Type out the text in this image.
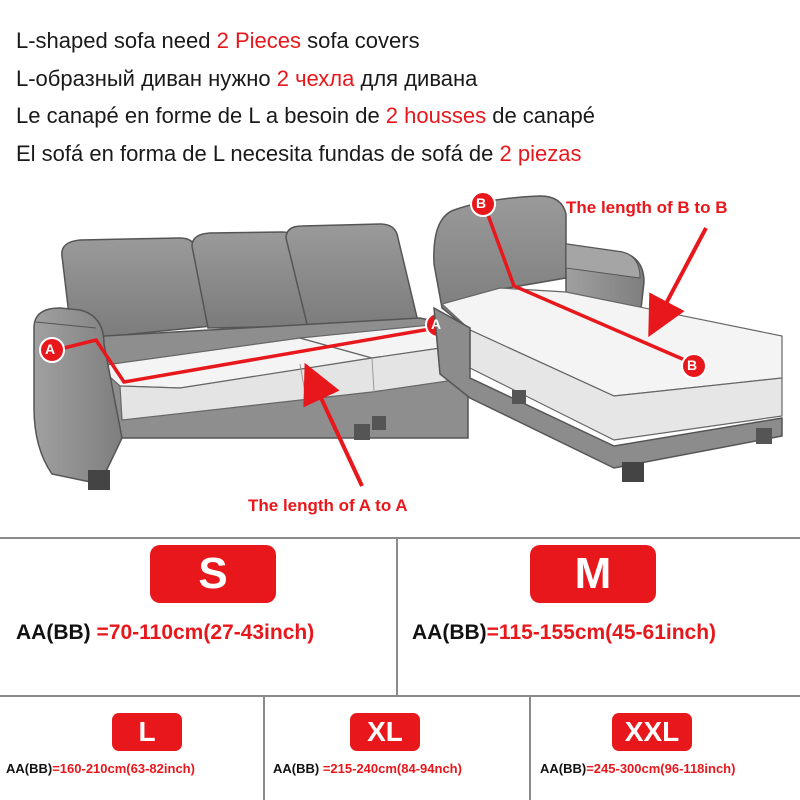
L-shaped sofa need 2 Pieces sofa covers
L-образный диван нужно 2 чехла для дивана
Le canapé en forme de L a besoin de 2 housses de canapé
El sofá en forma de L necesita fundas de sofá de 2 piezas
A
A
B
B
The length of A to A
The length of B to B
S
AA(BB) =70-110cm(27-43inch)
M
AA(BB)=115-155cm(45-61inch)
L
AA(BB)=160-210cm(63-82inch)
XL
AA(BB) =215-240cm(84-94nch)
XXL
AA(BB)=245-300cm(96-118inch)
